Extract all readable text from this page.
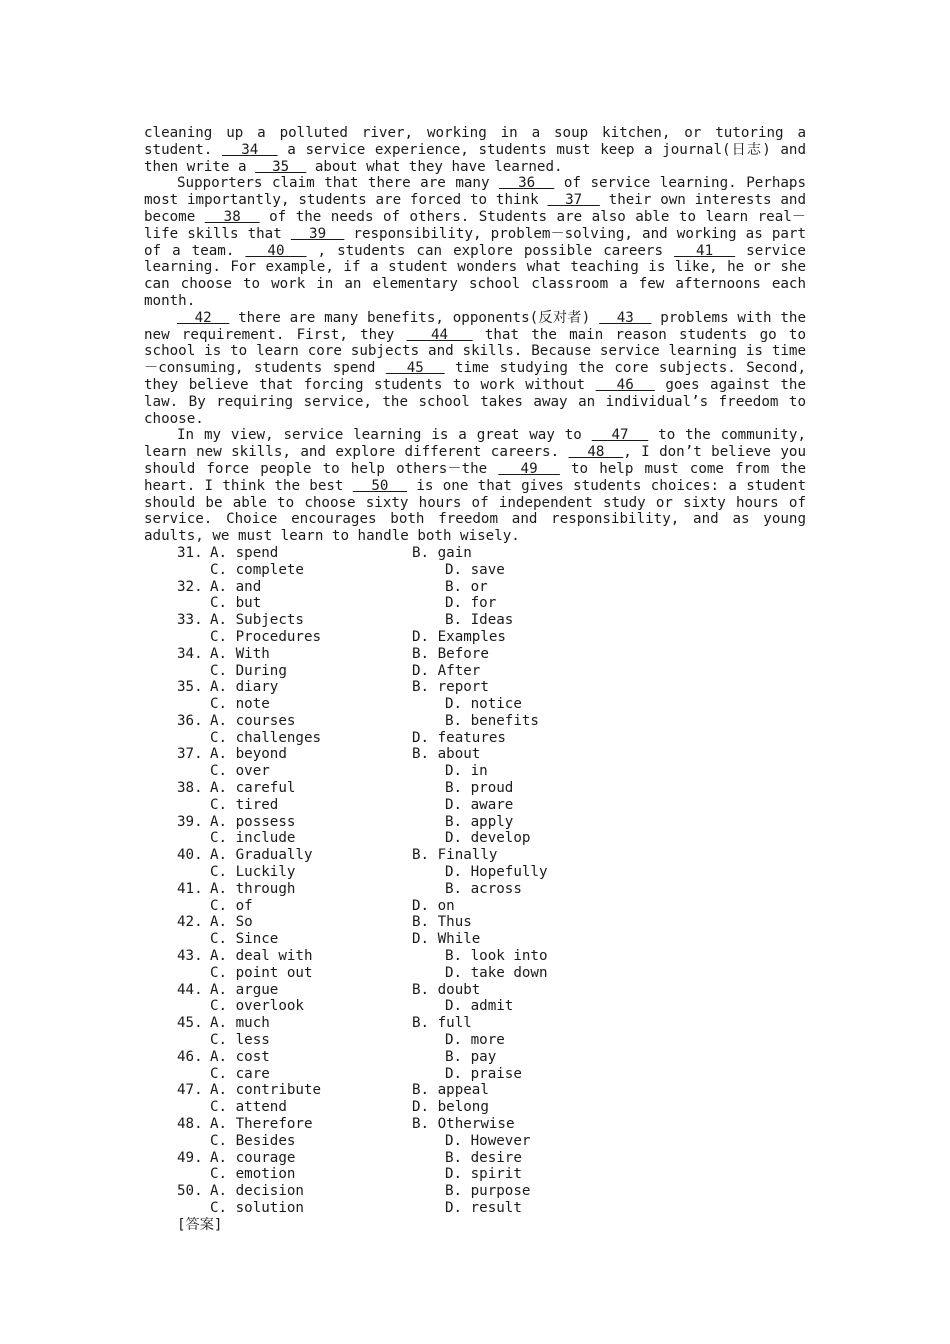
cleaning up a polluted river, working in a soup kitchen, or tutoring a student.   34   a service experience, students must keep a journal(日志) and then write a   35   about what they have learned.

Supporters claim that there are many   36   of service learning. Perhaps most importantly, students are forced to think   37   their own interests and become   38   of the needs of others. Students are also able to learn real－life skills that   39   responsibility, problem－solving, and working as part of a team.   40   , students can explore possible careers   41   service learning. For example, if a student wonders what teaching is like, he or she can choose to work in an elementary school classroom a few afternoons each month.

42   there are many benefits, opponents(反对者)   43   problems with the new requirement. First, they   44   that the main reason students go to school is to learn core subjects and skills. Because service learning is time－consuming, students spend   45   time studying the core subjects. Second, they believe that forcing students to work without   46   goes against the law. By requiring service, the school takes away an individual’s freedom to choose.

In my view, service learning is a great way to   47   to the community, learn new skills, and explore different careers.   48  , I don’t believe you should force people to help others－the   49   to help must come from the heart. I think the best   50   is one that gives students choices: a student should be able to choose sixty hours of independent study or sixty hours of service. Choice encourages both freedom and responsibility, and as young adults, we must learn to handle both wisely.

31. A. spend	B. gain
C. complete	D. save
32. A. and	B. or
C. but	D. for
33. A. Subjects	B. Ideas
C. Procedures	D. Examples
34. A. With	B. Before
C. During	D. After
35. A. diary	B. report
C. note	D. notice
36. A. courses	B. benefits
C. challenges	D. features
37. A. beyond	B. about
C. over	D. in
38. A. careful	B. proud
C. tired	D. aware
39. A. possess	B. apply
C. include	D. develop
40. A. Gradually	B. Finally
C. Luckily	D. Hopefully
41. A. through	B. across
C. of	D. on
42. A. So	B. Thus
C. Since	D. While
43. A. deal with	B. look into
C. point out	D. take down
44. A. argue	B. doubt
C. overlook	D. admit
45. A. much	B. full
C. less	D. more
46. A. cost	B. pay
C. care	D. praise
47. A. contribute	B. appeal
C. attend	D. belong
48. A. Therefore	B. Otherwise
C. Besides	D. However
49. A. courage	B. desire
C. emotion	D. spirit
50. A. decision	B. purpose
C. solution	D. result
[答案]
